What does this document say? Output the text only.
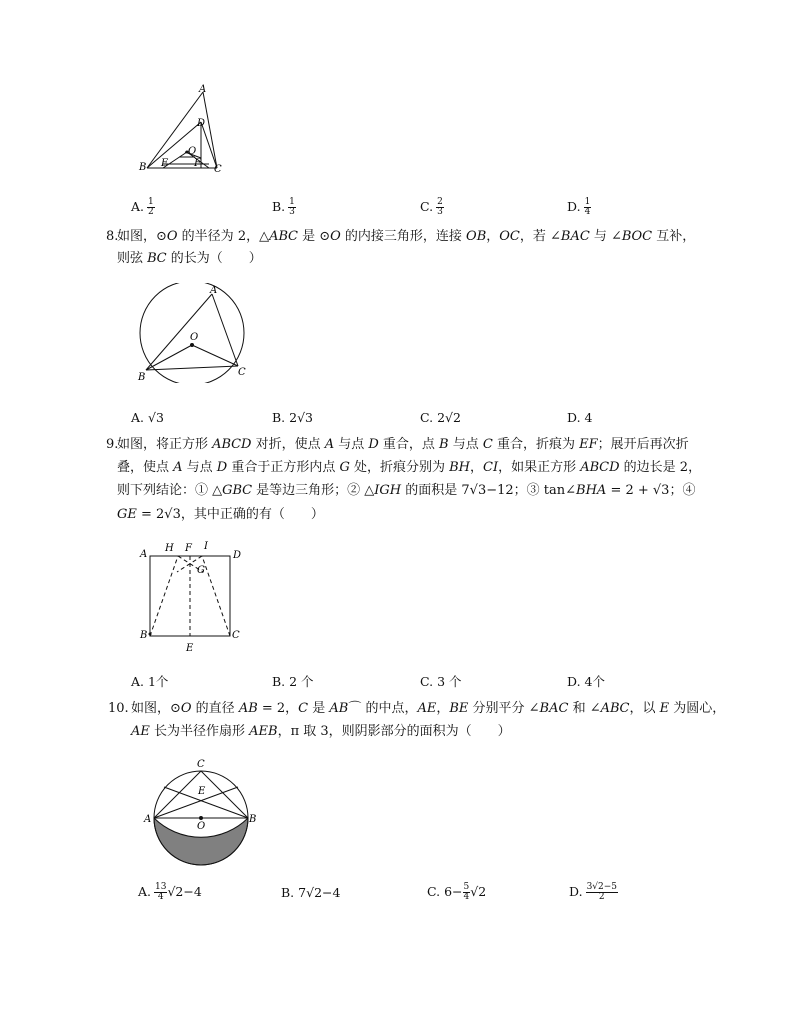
A
D
O
B E	F
C
A. $\frac{1}{2}$	B. $\frac{1}{3}$	C. $\frac{2}{3}$	D. $\frac{1}{4}$
8.
如图，⊙𝑂 的半径为 2，△𝐴𝐵𝐶 是 ⊙𝑂 的内接三角形，连接 𝑂𝐵，𝑂𝐶，若 ∠𝐵𝐴𝐶 与 ∠𝐵𝑂𝐶 互补，
则弦 𝐵𝐶 的长为（　　）
A
O
B	C
A. √3	B. 2√3	C. 2√2	D. 4
9.
如图，将正方形 𝐴𝐵𝐶𝐷 对折，使点 𝐴 与点 𝐷 重合，点 𝐵 与点 𝐶 重合，折痕为 𝐸𝐹；展开后再次折
叠，使点 𝐴 与点 𝐷 重合于正方形内点 𝐺 处，折痕分别为 𝐵𝐻，𝐶𝐼，如果正方形 𝐴𝐵𝐶𝐷 的边长是 2，
则下列结论：① △𝐺𝐵𝐶 是等边三角形；② △𝐼𝐺𝐻 的面积是 7√3−12；③ tan∠𝐵𝐻𝐴 = 2 + √3；④
𝐺𝐸 = 2√3，其中正确的有（　　）
A
H F I
D
G
B	C
E
A. 1个	B. 2 个	C. 3 个	D. 4个
10. 如图，⊙𝑂 的直径 𝐴𝐵 = 2，𝐶 是 𝐴𝐵⌒ 的中点，𝐴𝐸，𝐵𝐸 分别平分 ∠𝐵𝐴𝐶 和 ∠𝐴𝐵𝐶，以 𝐸 为圆心，
𝐴𝐸 长为半径作扇形 𝐴𝐸𝐵，π 取 3，则阴影部分的面积为（　　）
C
E
A
O
B
A. $\frac{13}{4} √2-4$	B. 7√2−4	C. $6- \frac{5}{4} √2$	D. $\frac{3√2-5}{2}$
